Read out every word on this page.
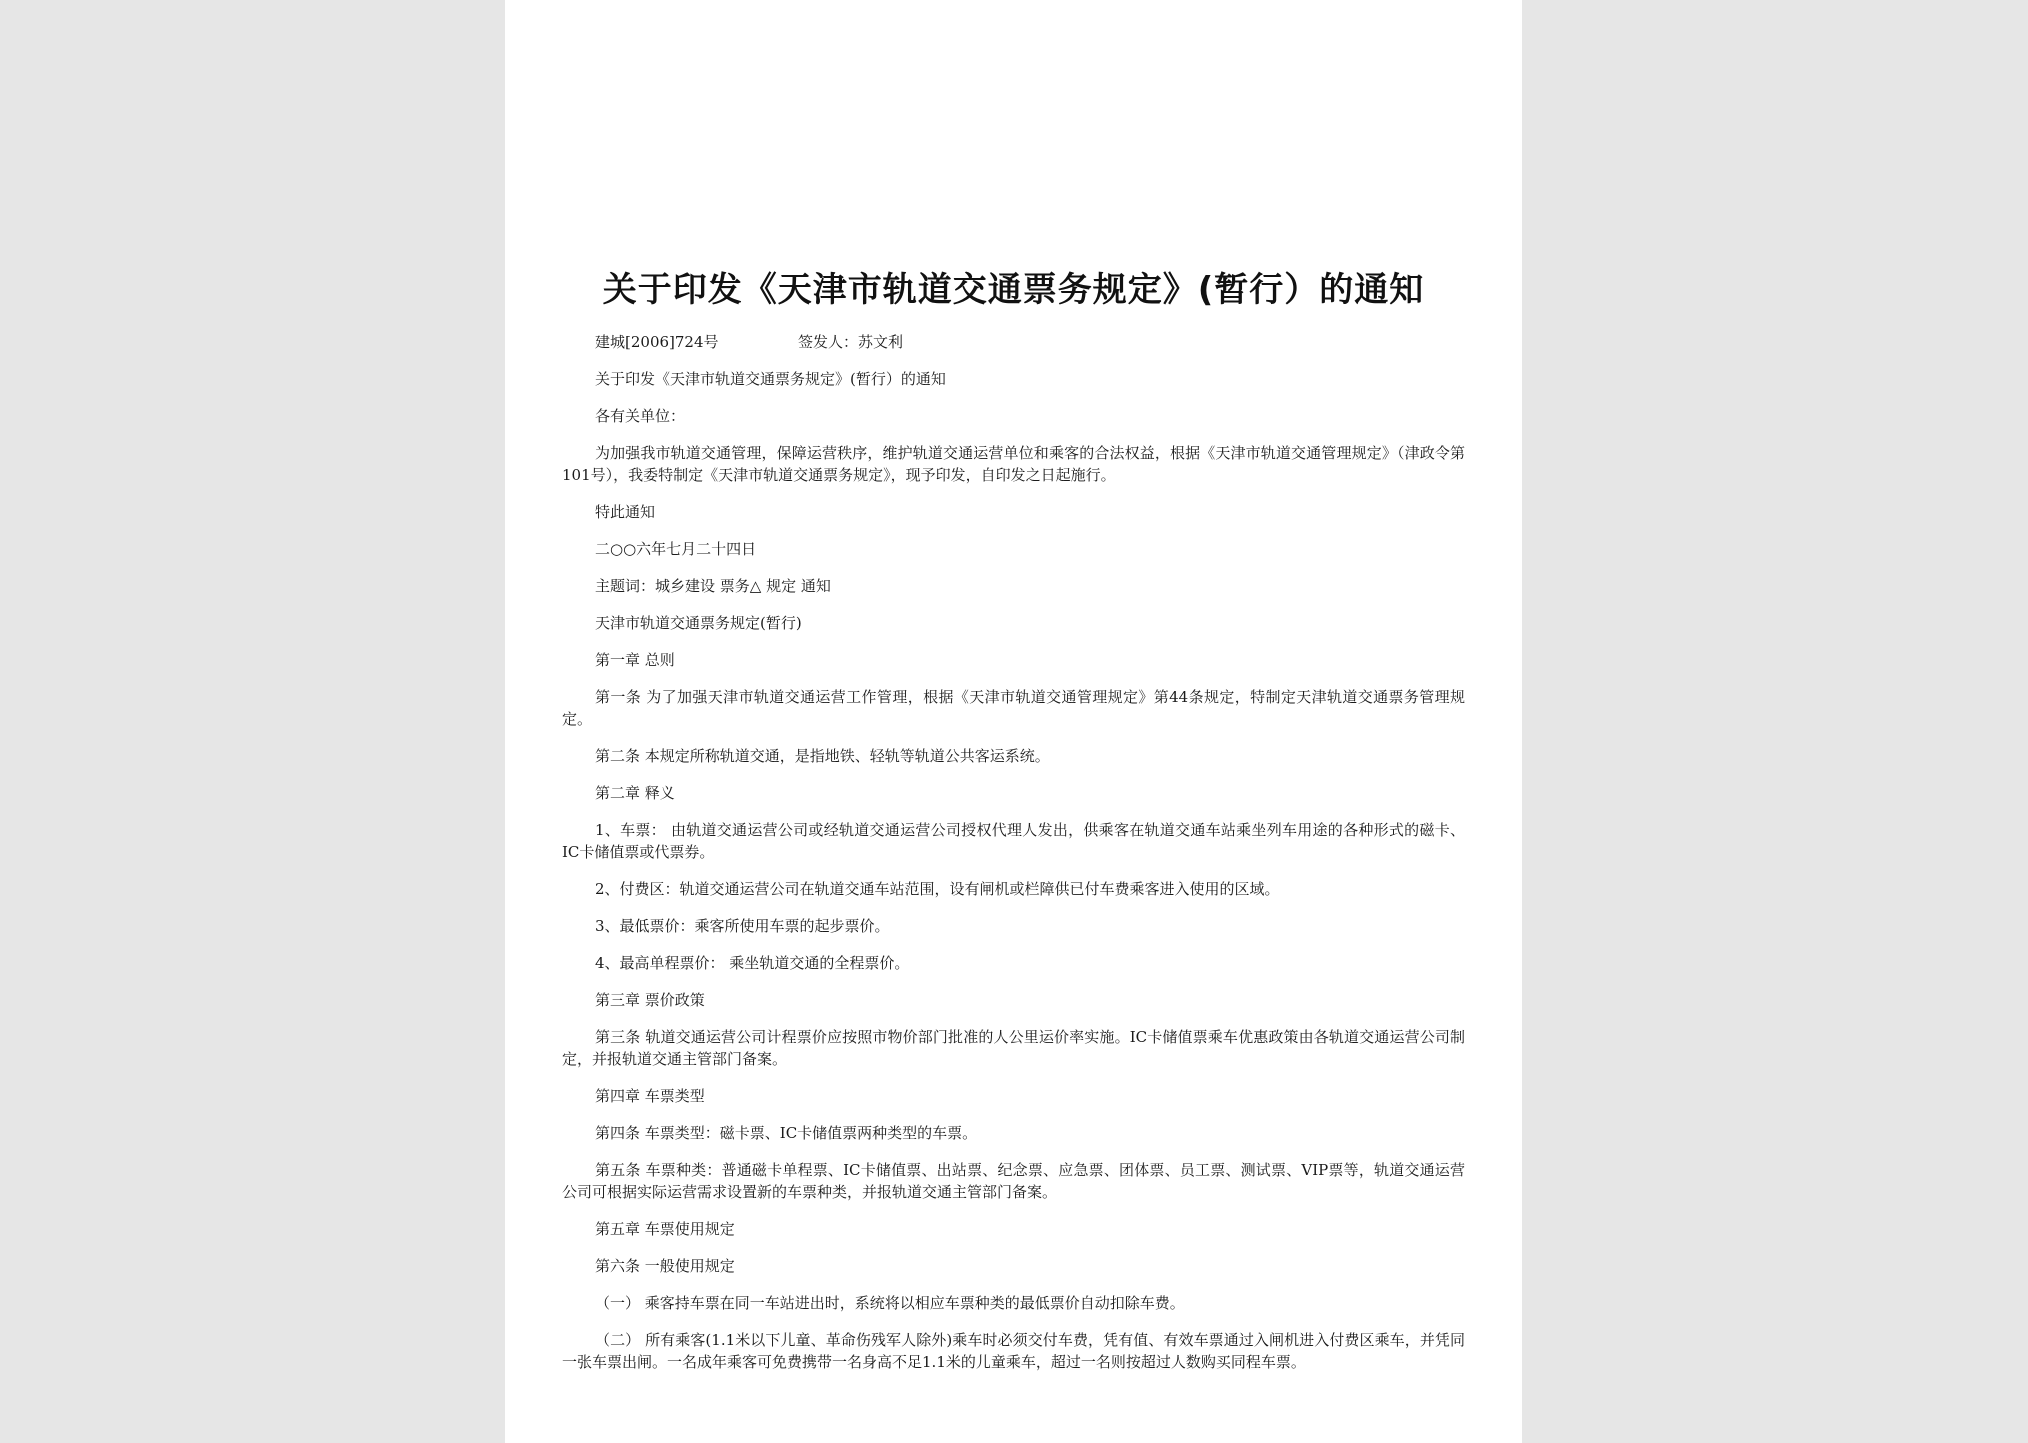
关于印发《天津市轨道交通票务规定》(暂行）的通知
建城[2006]724号	签发人：苏文利

关于印发《天津市轨道交通票务规定》(暂行）的通知

各有关单位：

为加强我市轨道交通管理，保障运营秩序，维护轨道交通运营单位和乘客的合法权益，根据《天津市轨道交通管理规定》（津政令第101号），我委特制定《天津市轨道交通票务规定》，现予印发，自印发之日起施行。

特此通知

二○○六年七月二十四日

主题词：城乡建设 票务△ 规定 通知

天津市轨道交通票务规定(暂行)

第一章 总则

第一条 为了加强天津市轨道交通运营工作管理，根据《天津市轨道交通管理规定》第44条规定，特制定天津轨道交通票务管理规定。

第二条 本规定所称轨道交通，是指地铁、轻轨等轨道公共客运系统。

第二章 释义

1、车票： 由轨道交通运营公司或经轨道交通运营公司授权代理人发出，供乘客在轨道交通车站乘坐列车用途的各种形式的磁卡、IC卡储值票或代票券。

2、付费区：轨道交通运营公司在轨道交通车站范围，设有闸机或栏障供已付车费乘客进入使用的区域。

3、最低票价：乘客所使用车票的起步票价。

4、最高单程票价： 乘坐轨道交通的全程票价。

第三章 票价政策

第三条 轨道交通运营公司计程票价应按照市物价部门批准的人公里运价率实施。IC卡储值票乘车优惠政策由各轨道交通运营公司制定，并报轨道交通主管部门备案。

第四章 车票类型

第四条 车票类型：磁卡票、IC卡储值票两种类型的车票。

第五条 车票种类：普通磁卡单程票、IC卡储值票、出站票、纪念票、应急票、团体票、员工票、测试票、VIP票等，轨道交通运营公司可根据实际运营需求设置新的车票种类，并报轨道交通主管部门备案。

第五章 车票使用规定

第六条 一般使用规定

（一） 乘客持车票在同一车站进出时，系统将以相应车票种类的最低票价自动扣除车费。

（二） 所有乘客(1.1米以下儿童、革命伤残军人除外)乘车时必须交付车费，凭有值、有效车票通过入闸机进入付费区乘车，并凭同一张车票出闸。一名成年乘客可免费携带一名身高不足1.1米的儿童乘车，超过一名则按超过人数购买同程车票。
